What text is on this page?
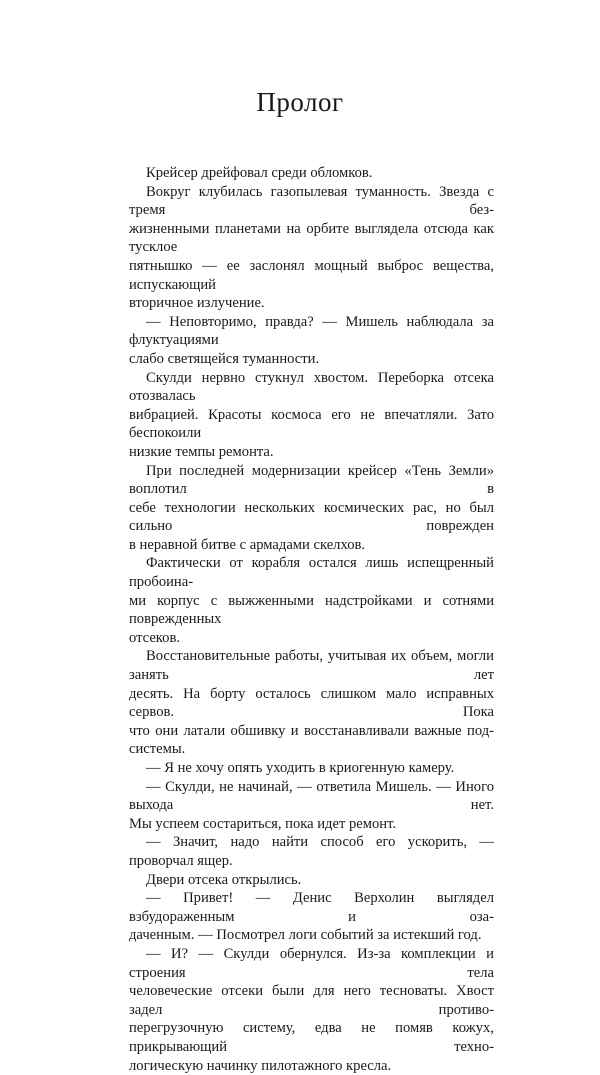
Пролог

Крейсер дрейфовал среди обломков.

Вокруг клубилась газопылевая туманность. Звезда с тремя без-

жизненными планетами на орбите выглядела отсюда как тусклое

пятнышко — ее заслонял мощный выброс вещества, испускающий

вторичное излучение.

— Неповторимо, правда? — Мишель наблюдала за флуктуациями

слабо светящейся туманности.

Скулди нервно стукнул хвостом. Переборка отсека отозвалась

вибрацией. Красоты космоса его не впечатляли. Зато беспокоили

низкие темпы ремонта.

При последней модернизации крейсер «Тень Земли» воплотил в

себе технологии нескольких космических рас, но был сильно поврежден

в неравной битве с армадами скелхов.

Фактически от корабля остался лишь испещренный пробоина-

ми корпус с выжженными надстройками и сотнями поврежденных

отсеков.

Восстановительные работы, учитывая их объем, могли занять лет

десять. На борту осталось слишком мало исправных сервов. Пока

что они латали обшивку и восстанавливали важные под-

системы.

— Я не хочу опять уходить в криогенную камеру.

— Скулди, не начинай, — ответила Мишель. — Иного выхода нет.

Мы успеем состариться, пока идет ремонт.

— Значит, надо найти способ его ускорить, — проворчал ящер.

Двери отсека открылись.

— Привет! — Денис Верхолин выглядел взбудораженным и оза-

даченным. — Посмотрел логи событий за истекший год.

— И? — Скулди обернулся. Из-за комплекции и строения тела

человеческие отсеки были для него тесноваты. Хвост задел противо-

перегрузочную систему, едва не помяв кожух, прикрывающий техно-

логическую начинку пилотажного кресла.
